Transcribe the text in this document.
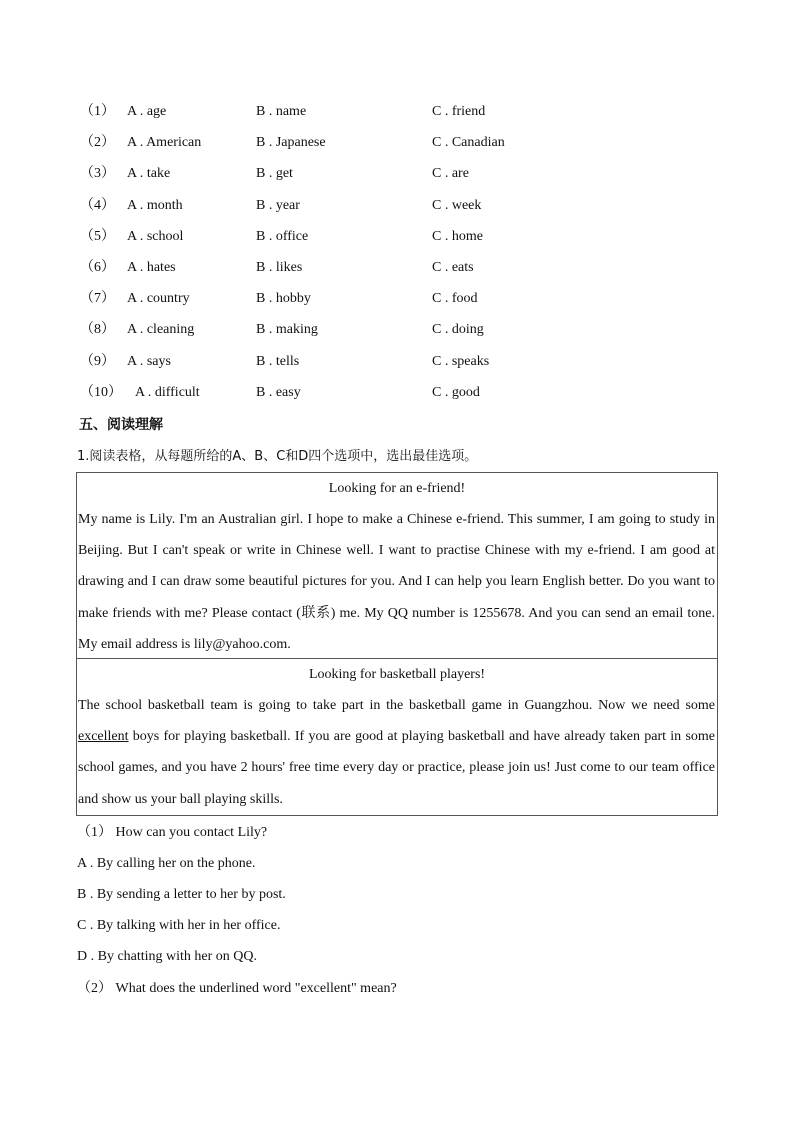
（1） A . age	B . name	C . friend
（2） A . American	B . Japanese	C . Canadian
（3） A . take	B . get	C . are
（4） A . month	B . year	C . week
（5） A . school	B . office	C . home
（6） A . hates	B . likes	C . eats
（7） A . country	B . hobby	C . food
（8） A . cleaning	B . making	C . doing
（9） A . says	B . tells	C . speaks
（10） A . difficult	B . easy	C . good
五、阅读理解
1.阅读表格，从每题所给的A、B、C和D四个选项中，选出最佳选项。
Looking for an e-friend!
My name is Lily. I'm an Australian girl. I hope to make a Chinese e-friend. This summer, I am going to study in Beijing. But I can't speak or write in Chinese well. I want to practise Chinese with my e-friend. I am good at drawing and I can draw some beautiful pictures for you. And I can help you learn English better. Do you want to make friends with me? Please contact (联系) me. My QQ number is 1255678. And you can send an email tone. My email address is lily@yahoo.com.
Looking for basketball players!
The school basketball team is going to take part in the basketball game in Guangzhou. Now we need some excellent boys for playing basketball. If you are good at playing basketball and have already taken part in some school games, and you have 2 hours' free time every day or practice, please join us! Just come to our team office and show us your ball playing skills.
（1） How can you contact Lily?
A . By calling her on the phone.
B . By sending a letter to her by post.
C . By talking with her in her office.
D . By chatting with her on QQ.
（2） What does the underlined word "excellent" mean?
